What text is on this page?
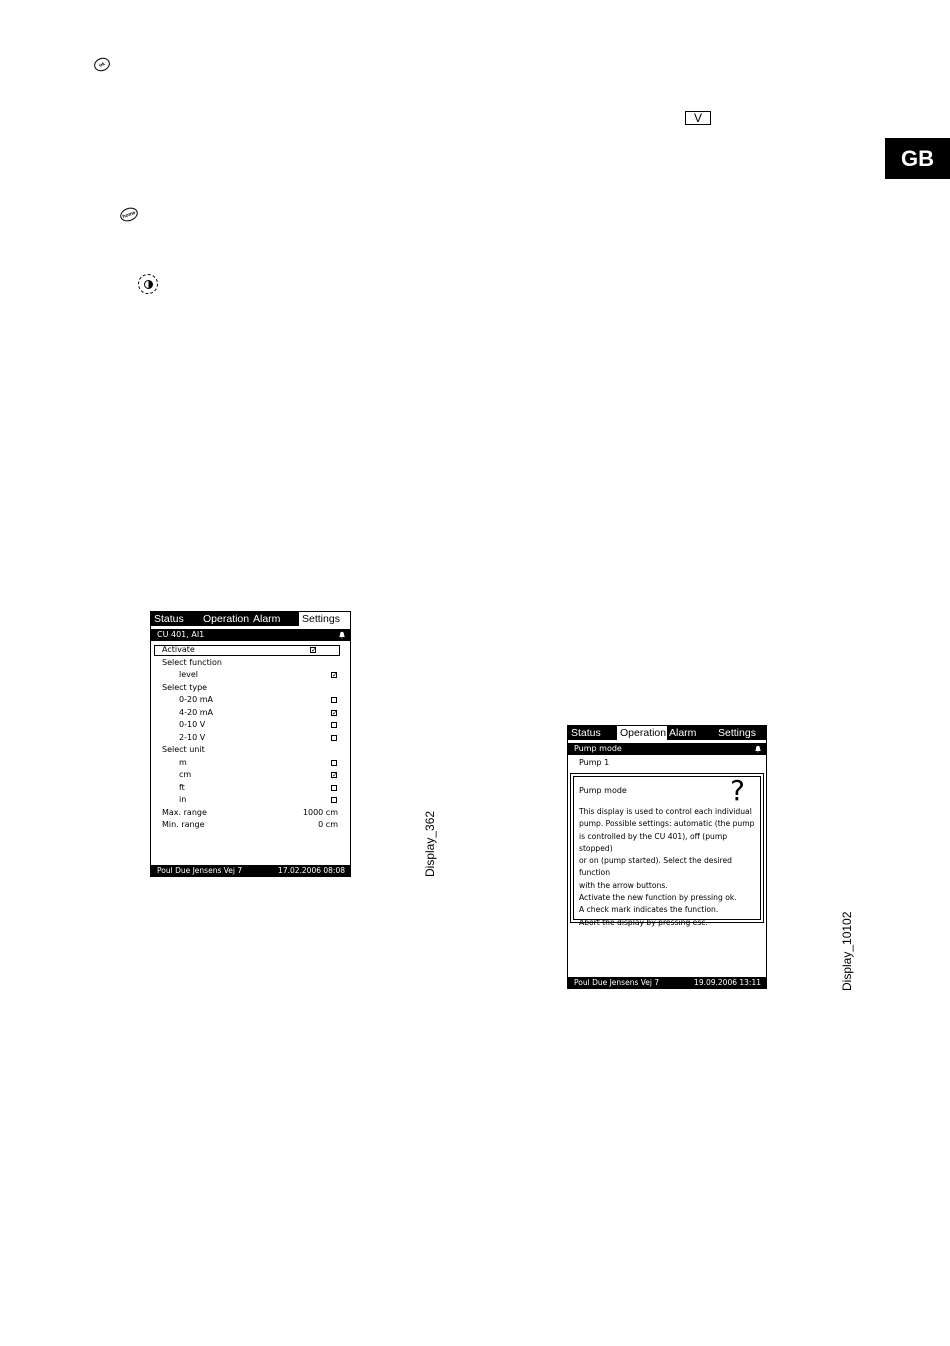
ok
V
GB
home
Status Operation Alarm Settings
CU 401, AI1
Activate	✓
Select function
level	✓
Select type
0-20 mA
4-20 mA	✓
0-10 V
2-10 V
Select unit
m
cm	✓
ft
in
Max. range	1000 cm
Min. range	0 cm
Poul Due Jensens Vej 7	17.02.2006 08:08	Display_362
Status Operation Alarm Settings
Pump mode
Pump 1
?
Pump mode
This display is used to control each individual
pump. Possible settings: automatic (the pump
is controlled by the CU 401), off (pump stopped)
or on (pump started). Select the desired function
with the arrow buttons.
Activate the new function by pressing ok.
A check mark indicates the function.
Abort the display by pressing esc.
Poul Due Jensens Vej 7	19.09.2006 13:11	Display_10102
